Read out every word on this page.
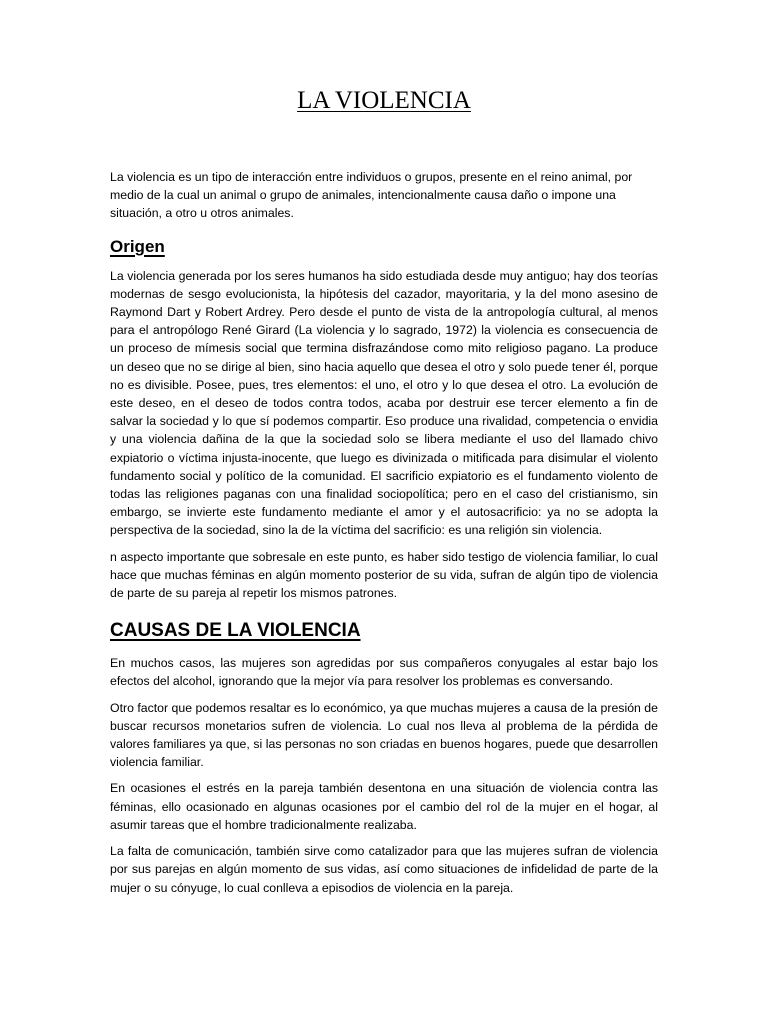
LA VIOLENCIA

La violencia es un tipo de interacción entre individuos o grupos, presente en el reino animal, por medio de la cual un animal o grupo de animales, intencionalmente causa daño o impone una situación, a otro u otros animales.

Origen

La violencia generada por los seres humanos ha sido estudiada desde muy antiguo; hay dos teorías modernas de sesgo evolucionista, la hipótesis del cazador, mayoritaria, y la del mono asesino de Raymond Dart y Robert Ardrey. Pero desde el punto de vista de la antropología cultural, al menos para el antropólogo René Girard (La violencia y lo sagrado, 1972) la violencia es consecuencia de un proceso de mímesis social que termina disfrazándose como mito religioso pagano. La produce un deseo que no se dirige al bien, sino hacia aquello que desea el otro y solo puede tener él, porque no es divisible. Posee, pues, tres elementos: el uno, el otro y lo que desea el otro. La evolución de este deseo, en el deseo de todos contra todos, acaba por destruir ese tercer elemento a fin de salvar la sociedad y lo que sí podemos compartir. Eso produce una rivalidad, competencia o envidia y una violencia dañina de la que la sociedad solo se libera mediante el uso del llamado chivo expiatorio o víctima injusta-inocente, que luego es divinizada o mitificada para disimular el violento fundamento social y político de la comunidad. El sacrificio expiatorio es el fundamento violento de todas las religiones paganas con una finalidad sociopolítica; pero en el caso del cristianismo, sin embargo, se invierte este fundamento mediante el amor y el autosacrificio: ya no se adopta la perspectiva de la sociedad, sino la de la víctima del sacrificio: es una religión sin violencia.

n aspecto importante que sobresale en este punto, es haber sido testigo de violencia familiar, lo cual hace que muchas féminas en algún momento posterior de su vida, sufran de algún tipo de violencia de parte de su pareja al repetir los mismos patrones.

CAUSAS DE LA VIOLENCIA

En muchos casos, las mujeres son agredidas por sus compañeros conyugales al estar bajo los efectos del alcohol, ignorando que la mejor vía para resolver los problemas es conversando.

Otro factor que podemos resaltar es lo económico, ya que muchas mujeres a causa de la presión de buscar recursos monetarios sufren de violencia. Lo cual nos lleva al problema de la pérdida de valores familiares ya que, si las personas no son criadas en buenos hogares, puede que desarrollen violencia familiar.

En ocasiones el estrés en la pareja también desentona en una situación de violencia contra las féminas, ello ocasionado en algunas ocasiones por el cambio del rol de la mujer en el hogar, al asumir tareas que el hombre tradicionalmente realizaba.

La falta de comunicación, también sirve como catalizador para que las mujeres sufran de violencia por sus parejas en algún momento de sus vidas, así como situaciones de infidelidad de parte de la mujer o su cónyuge, lo cual conlleva a episodios de violencia en la pareja.
